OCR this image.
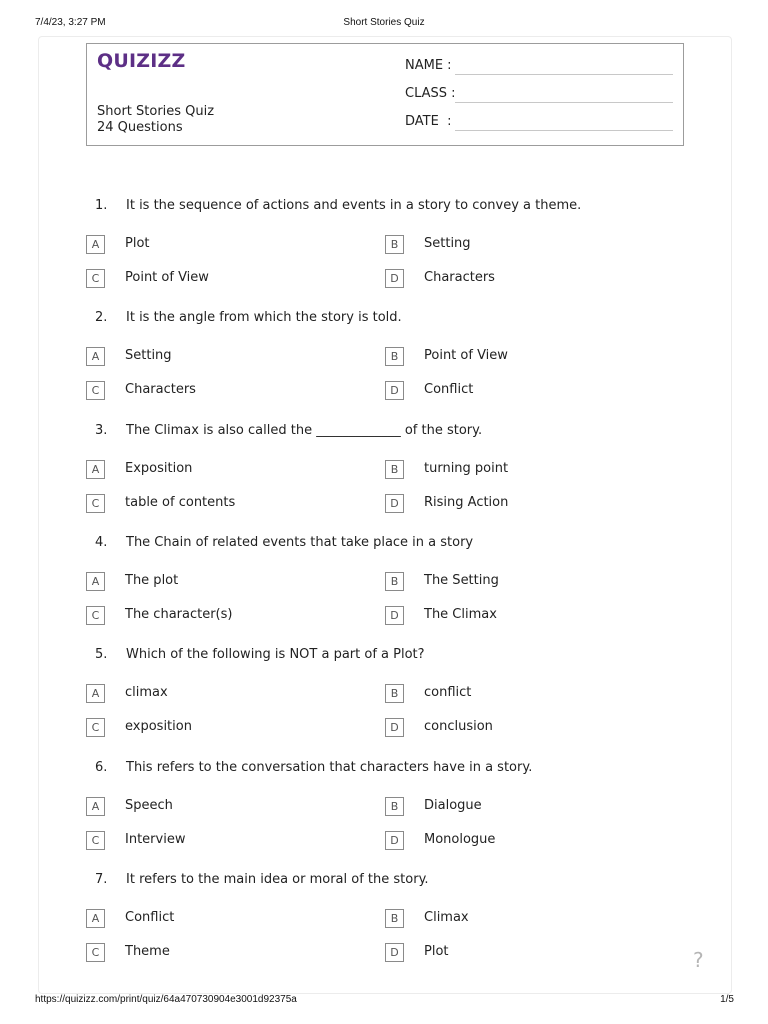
7/4/23, 3:27 PM	Short Stories Quiz
QUIZIZZ
Short Stories Quiz
24 Questions
NAME :
CLASS :
DATE  :
1. It is the sequence of actions and events in a story to convey a theme.
A	Plot	B	Setting
C	Point of View	D	Characters
2. It is the angle from which the story is told.
A	Setting	B	Point of View
C	Characters	D	Conflict
3. The Climax is also called the _____________ of the story.
A	Exposition	B	turning point
C	table of contents	D	Rising Action
4. The Chain of related events that take place in a story
A	The plot	B	The Setting
C	The character(s)	D	The Climax
5. Which of the following is NOT a part of a Plot?
A	climax	B	conflict
C	exposition	D	conclusion
6. This refers to the conversation that characters have in a story.
A	Speech	B	Dialogue
C	Interview	D	Monologue
7. It refers to the main idea or moral of the story.
A	Conflict	B	Climax
C	Theme	D	Plot	?
https://quizizz.com/print/quiz/64a470730904e3001d92375a	1/5
